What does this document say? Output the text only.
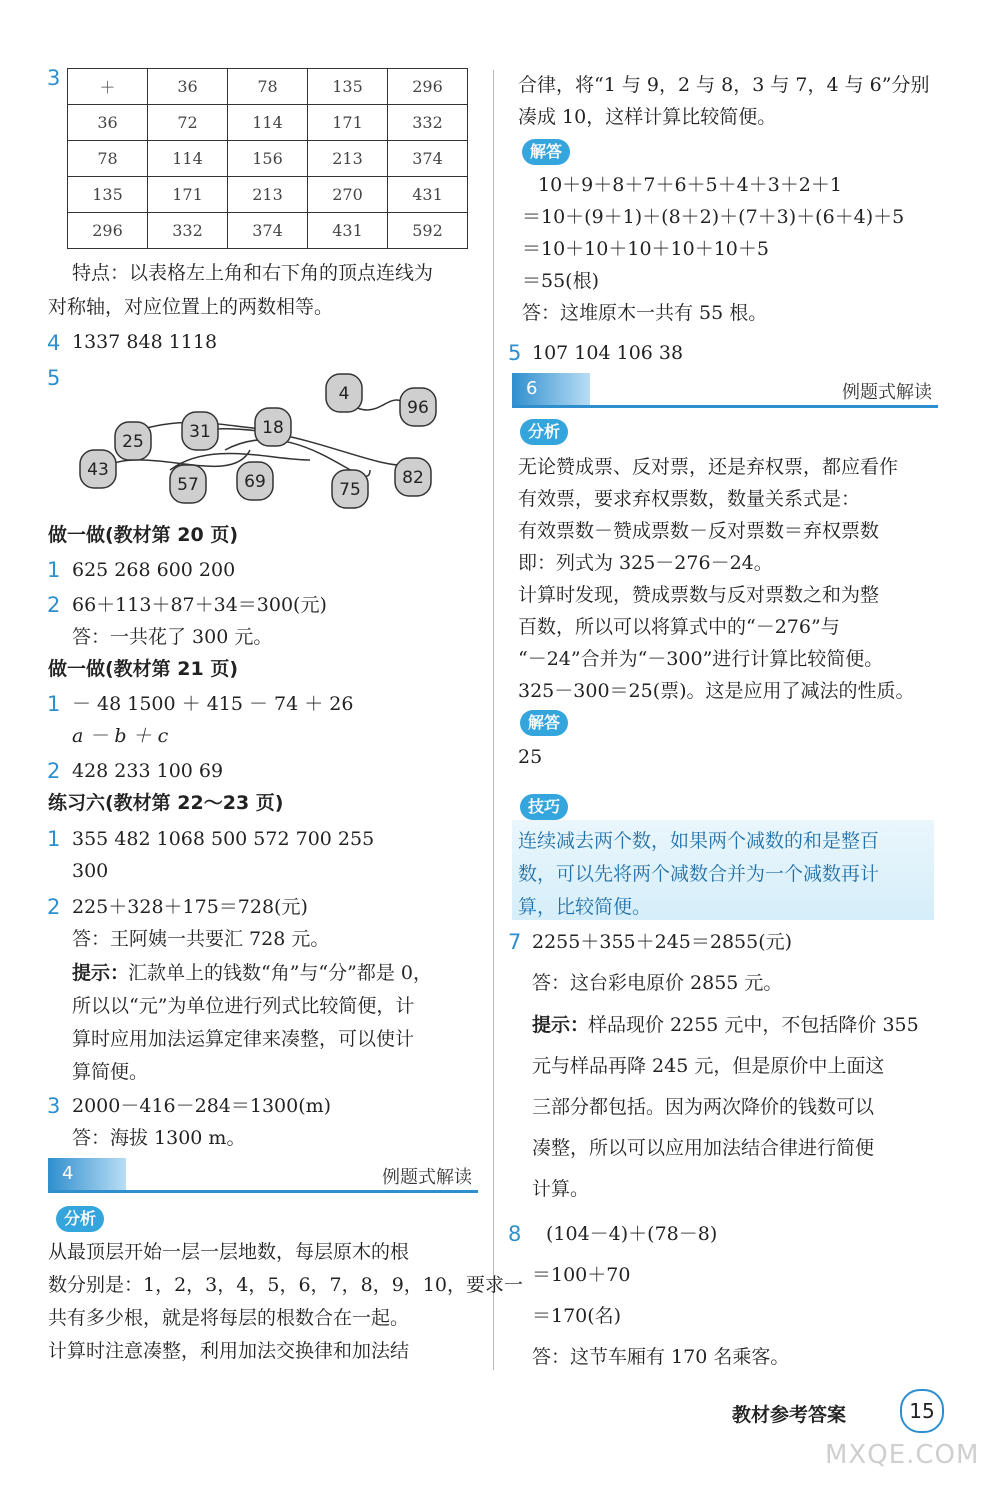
3 ＋	36	78	135	296
36	72	114	171	332
78	114	156	213	374
135	171	213	270	431
296	332	374	431	592
特点：以表格左上角和右下角的顶点连线为
对称轴，对应位置上的两数相等。
4 1337 848 1118
5
25	31	18
4
96
43
57	69	75
82
做一做(教材第 20 页)
1 625 268 600 200
2 66＋113＋87＋34＝300(元)
答：一共花了 300 元。
做一做(教材第 21 页)
1 － 48 1500 ＋ 415 － 74 ＋ 26
a － b ＋ c
2 428 233 100 69
练习六(教材第 22～23 页)
1 355 482 1068 500 572 700 255
300
2 225＋328＋175＝728(元)
答：王阿姨一共要汇 728 元。
提示：
汇款单上的钱数“角”与“分”都是 0，
所以以“元”为单位进行列式比较简便，计
算时应用加法运算定律来凑整，可以使计
算简便。
3 2000－416－284＝1300(m)
答：海拔 1300 m。
4	例题式解读
分析
从最顶层开始一层一层地数，每层原木的根
数分别是：1，2，3，4，5，6，7，8，9，10，要求一
共有多少根，就是将每层的根数合在一起。
计算时注意凑整，利用加法交换律和加法结
合律，将“1 与 9，2 与 8，3 与 7，4 与 6”分别
凑成 10，这样计算比较简便。
解答
10＋9＋8＋7＋6＋5＋4＋3＋2＋1
＝10＋(9＋1)＋(8＋2)＋(7＋3)＋(6＋4)＋5
＝10＋10＋10＋10＋10＋5
＝55(根)
答：这堆原木一共有 55 根。
5 107 104 106 38
6	例题式解读
分析
无论赞成票、反对票，还是弃权票，都应看作
有效票，要求弃权票数，数量关系式是：
有效票数－赞成票数－反对票数＝弃权票数
即：列式为 325－276－24。
计算时发现，赞成票数与反对票数之和为整
百数，所以可以将算式中的“－276”与
“－24”合并为“－300”进行计算比较简便。
325－300＝25(票)。这是应用了减法的性质。
解答
25
技巧
连续减去两个数，如果两个减数的和是整百
数，可以先将两个减数合并为一个减数再计
算，比较简便。
7 2255＋355＋245＝2855(元)
答：这台彩电原价 2855 元。
提示：
样品现价 2255 元中，不包括降价 355
元与样品再降 245 元，但是原价中上面这
三部分都包括。因为两次降价的钱数可以
凑整，所以可以应用加法结合律进行简便
计算。
8 (104－4)＋(78－8)
＝100＋70
＝170(名)
答：这节车厢有 170 名乘客。
教材参考答案	15
MXQE.COM
